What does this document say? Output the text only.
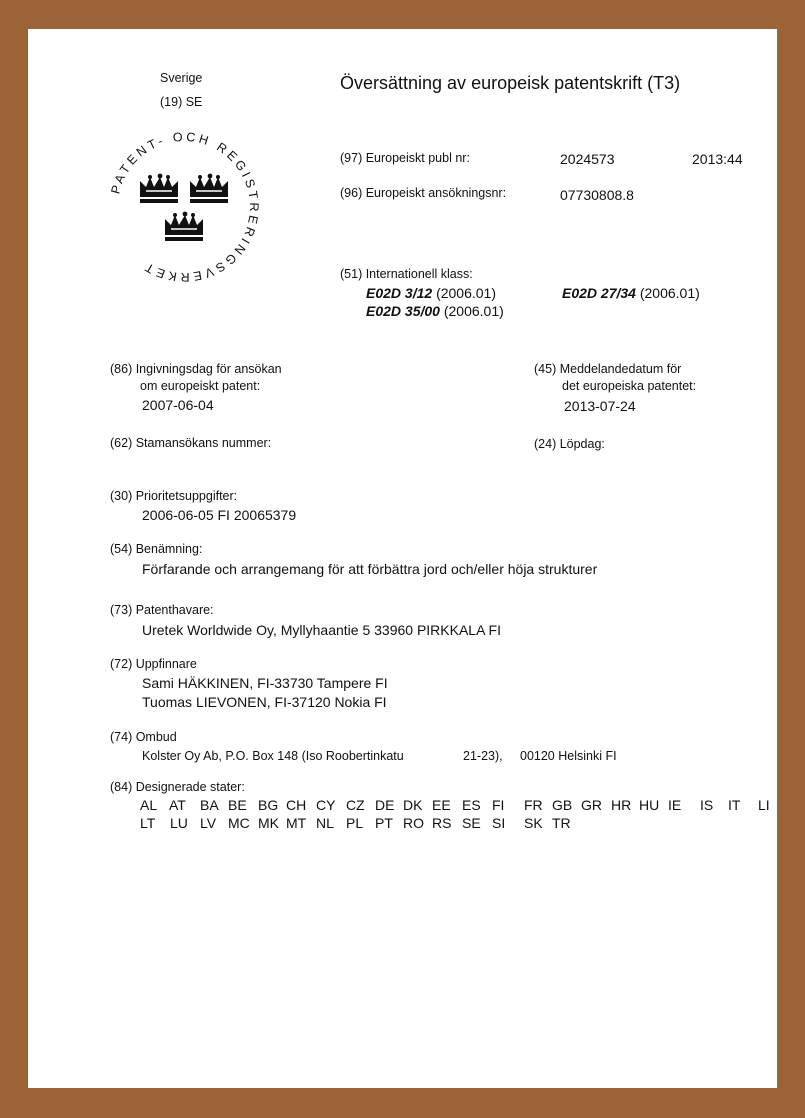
Sverige
(19) SE
Översättning av europeisk patentskrift (T3)
PATENT- OCH REGISTRERINGSVERKET
(97) Europeiskt publ nr:	2024573	2013:44
(96) Europeiskt ansökningsnr:	07730808.8
(51) Internationell klass:
E02D 3/12 (2006.01)	E02D 27/34 (2006.01)
E02D 35/00 (2006.01)
(86) Ingivningsdag för ansökan
om europeiskt patent:
2007-06-04
(45) Meddelandedatum för
det europeiska patentet:
2013-07-24
(62) Stamansökans nummer:	(24) Löpdag:
(30) Prioritetsuppgifter:
2006-06-05 FI 20065379
(54) Benämning:
Förfarande och arrangemang för att förbättra jord och/eller höja strukturer
(73) Patenthavare:
Uretek Worldwide Oy, Myllyhaantie 5 33960 PIRKKALA FI
(72) Uppfinnare
Sami HÄKKINEN, FI-33730 Tampere FI
Tuomas LIEVONEN, FI-37120 Nokia FI
(74) Ombud
Kolster Oy Ab, P.O. Box 148 (Iso Roobertinkatu	21-23), 00120 Helsinki FI
(84) Designerade stater:
AL AT BA BE BG CH CY CZ DE DK EE ES FI FR GB GR HR HU IE IS IT LI
LT LU LV MC MK MT NL PL PT RO RS SE SI SK TR
